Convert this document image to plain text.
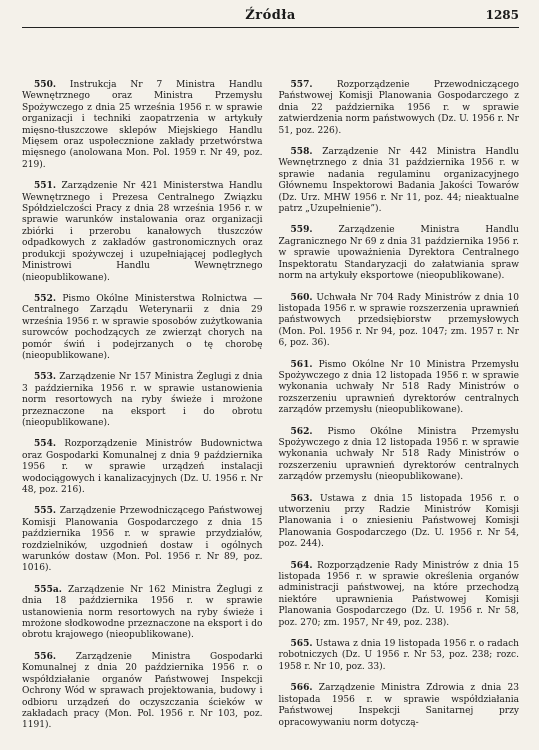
Źródła	1285

550. Instrukcja Nr 7 Ministra Handlu Wewnętrznego oraz Ministra Przemysłu Spożywczego z dnia 25 września 1956 r. w sprawie organizacji i techniki zaopatrzenia w artykuły mięsno-tłuszczowe sklepów Miejskiego Handlu Mięsem oraz uspołecznione zakłady przetwórstwa mięsnego (anolowana Mon. Pol. 1959 r. Nr 49, poz. 219).

551. Zarządzenie Nr 421 Ministerstwa Handlu Wewnętrznego i Prezesa Centralnego Związku Spółdzielczości Pracy z dnia 28 września 1956 r. w sprawie warunków instalowania oraz organizacji zbiórki i przerobu kanałowych tłuszczów odpadkowych z zakładów gastronomicznych oraz produkcji spożywczej i uzupełniającej podległych Ministrowi Handlu Wewnętrznego (nieopublikowane).

552. Pismo Okólne Ministerstwa Rolnictwa — Centralnego Zarządu Weterynarii z dnia 29 września 1956 r. w sprawie sposobów zużytkowania surowców pochodzących ze zwierząt chorych na pomór świń i podejrzanych o tę chorobę (nieopublikowane).

553. Zarządzenie Nr 157 Ministra Żeglugi z dnia 3 października 1956 r. w sprawie ustanowienia norm resortowych na ryby świeże i mrożone przeznaczone na eksport i do obrotu (nieopublikowane).

554. Rozporządzenie Ministrów Budownictwa oraz Gospodarki Komunalnej z dnia 9 października 1956 r. w sprawie urządzeń instalacji wodociągowych i kanalizacyjnych (Dz. U. 1956 r. Nr 48, poz. 216).

555. Zarządzenie Przewodniczącego Państwowej Komisji Planowania Gospodarczego z dnia 15 października 1956 r. w sprawie przydziałów, rozdzielników, uzgodnień dostaw i ogólnych warunków dostaw (Mon. Pol. 1956 r. Nr 89, poz. 1016).

555a. Zarządzenie Nr 162 Ministra Żeglugi z dnia 18 października 1956 r. w sprawie ustanowienia norm resortowych na ryby świeże i mrożone słodkowodne przeznaczone na eksport i do obrotu krajowego (nieopublikowane).

556. Zarządzenie Ministra Gospodarki Komunalnej z dnia 20 października 1956 r. o współdziałanie organów Państwowej Inspekcji Ochrony Wód w sprawach projektowania, budowy i odbioru urządzeń do oczyszczania ścieków w zakładach pracy (Mon. Pol. 1956 r. Nr 103, poz. 1191).

557.	Rozporządzenie Przewodniczącego Państwowej Komisji Planowania Gospodarczego z dnia 22 października 1956 r. w sprawie zatwierdzenia norm państwowych (Dz. U. 1956 r. Nr 51, poz. 226).

558. Zarządzenie Nr 442 Ministra Handlu Wewnętrznego z dnia 31 października 1956 r. w sprawie nadania regulaminu organizacyjnego Głównemu Inspektorowi Badania Jakości Towarów (Dz. Urz. MHW 1956 r. Nr 11, poz. 44; nieaktualne patrz „Uzupełnienie”).

559.	Zarządzenie Ministra Handlu Zagranicznego Nr 69 z dnia 31 października 1956 r. w sprawie upoważnienia Dyrektora Centralnego Inspektoratu Standaryzacji do załatwiania spraw norm na artykuły eksportowe (nieopublikowane).

560. Uchwała Nr 704 Rady Ministrów z dnia 10 listopada 1956 r. w sprawie rozszerzenia uprawnień państwowych przedsiębiorstw przemysłowych (Mon. Pol. 1956 r. Nr 94, poz. 1047; zm. 1957 r. Nr 6, poz. 36).

561. Pismo Okólne Nr 10 Ministra Przemysłu Spożywczego z dnia 12 listopada 1956 r. w sprawie wykonania uchwały Nr 518 Rady Ministrów o rozszerzeniu uprawnień dyrektorów centralnych zarządów przemysłu (nieopublikowane).

562. Pismo Okólne Ministra Przemysłu Spożywczego z dnia 12 listopada 1956 r. w sprawie wykonania uchwały Nr 518 Rady Ministrów o rozszerzeniu uprawnień dyrektorów centralnych zarządów przemysłu (nieopublikowane).

563. Ustawa z dnia 15 listopada 1956 r. o utworzeniu przy Radzie Ministrów Komisji Planowania i o zniesieniu Państwowej Komisji Planowania Gospodarczego (Dz. U. 1956 r. Nr 54, poz. 244).

564. Rozporządzenie Rady Ministrów z dnia 15 listopada 1956 r. w sprawie określenia organów administracji państwowej, na które przechodzą niektóre uprawnienia Państwowej Komisji Planowania Gospodarczego (Dz. U. 1956 r. Nr 58, poz. 270; zm. 1957, Nr 49, poz. 238).

565. Ustawa z dnia 19 listopada 1956 r. o radach robotniczych (Dz. U 1956 r. Nr 53, poz. 238; rozc. 1958 r. Nr 10, poz. 33).

566. Zarządzenie Ministra Zdrowia z dnia 23 listopada 1956 r. w sprawie współdziałania Państwowej Inspekcji Sanitarnej przy opracowywaniu norm dotyczą-
